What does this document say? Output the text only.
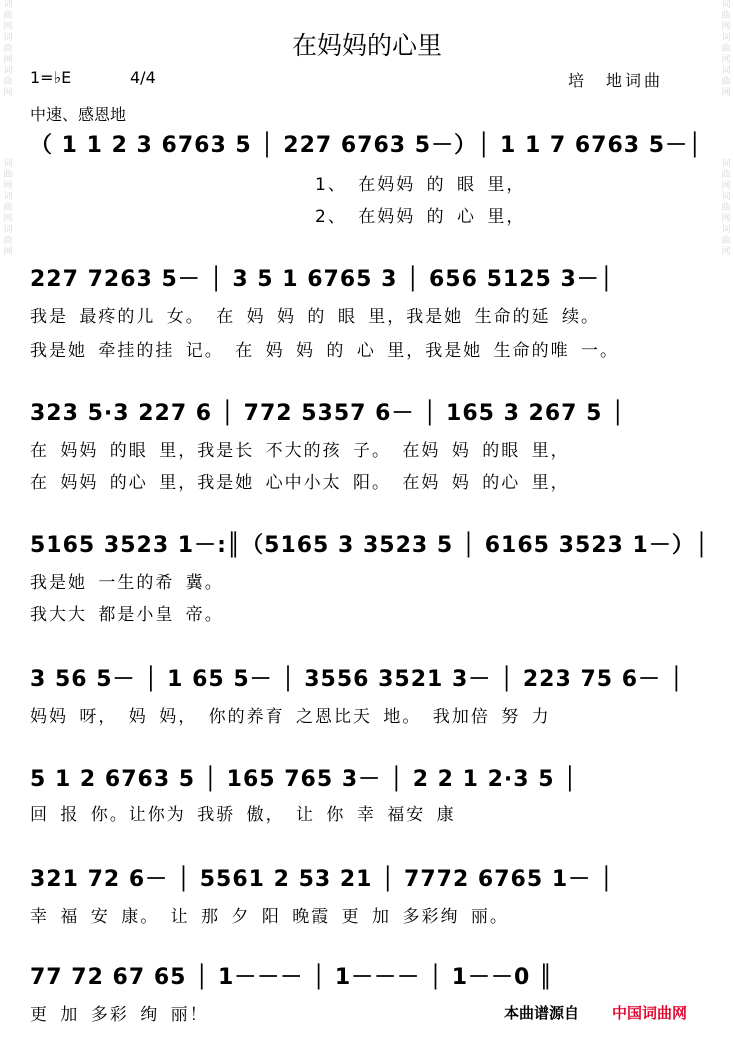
词曲网
词曲网
词曲网
词曲网
词曲网
词曲网
词曲网
词曲网
词曲网
词曲网
词曲网
词曲网
在妈妈的心里
1=♭E	4/4	培　地词曲
中速、感恩地
（ 1 1 2 3 6763 5 │ 227 6763 5－）│ 1 1 7 6763 5－│
　　　　　　　　　　　　　　　1、 在妈妈 的 眼 里，
　　　　　　　　　　　　　　　2、 在妈妈 的 心 里，
227 7263 5－ │ 3 5 1 6765 3 │ 656 5125 3－│
我是 最疼的儿 女。 在 妈 妈 的 眼 里，我是她 生命的延 续。
我是她 牵挂的挂 记。 在 妈 妈 的 心 里，我是她 生命的唯 一。
323 5·3 227 6 │ 772 5357 6－ │ 165 3 267 5 │
在 妈妈 的眼 里，我是长 不大的孩 子。 在妈 妈 的眼 里，
在 妈妈 的心 里，我是她 心中小太 阳。 在妈 妈 的心 里，
5165 3523 1－:║（5165 3 3523 5 │ 6165 3523 1－）│
我是她 一生的希 冀。
我大大 都是小皇 帝。
3 56 5－ │ 1 65 5－ │ 3556 3521 3－ │ 223 75 6－ │
妈妈 呀， 妈 妈， 你的养育 之恩比天 地。 我加倍 努 力
5 1 2 6763 5 │ 165 765 3－ │ 2 2 1 2·3 5 │
回 报 你。让你为 我骄 傲， 让 你 幸 福安 康
321 72 6－ │ 5561 2 53 21 │ 7772 6765 1－ │
幸 福 安 康。 让 那 夕 阳 晚霞 更 加 多彩绚 丽。
77 72 67 65 │ 1－－－ │ 1－－－ │ 1－－0 ║
更 加 多彩 绚 丽！	本曲谱源自 中国词曲网
